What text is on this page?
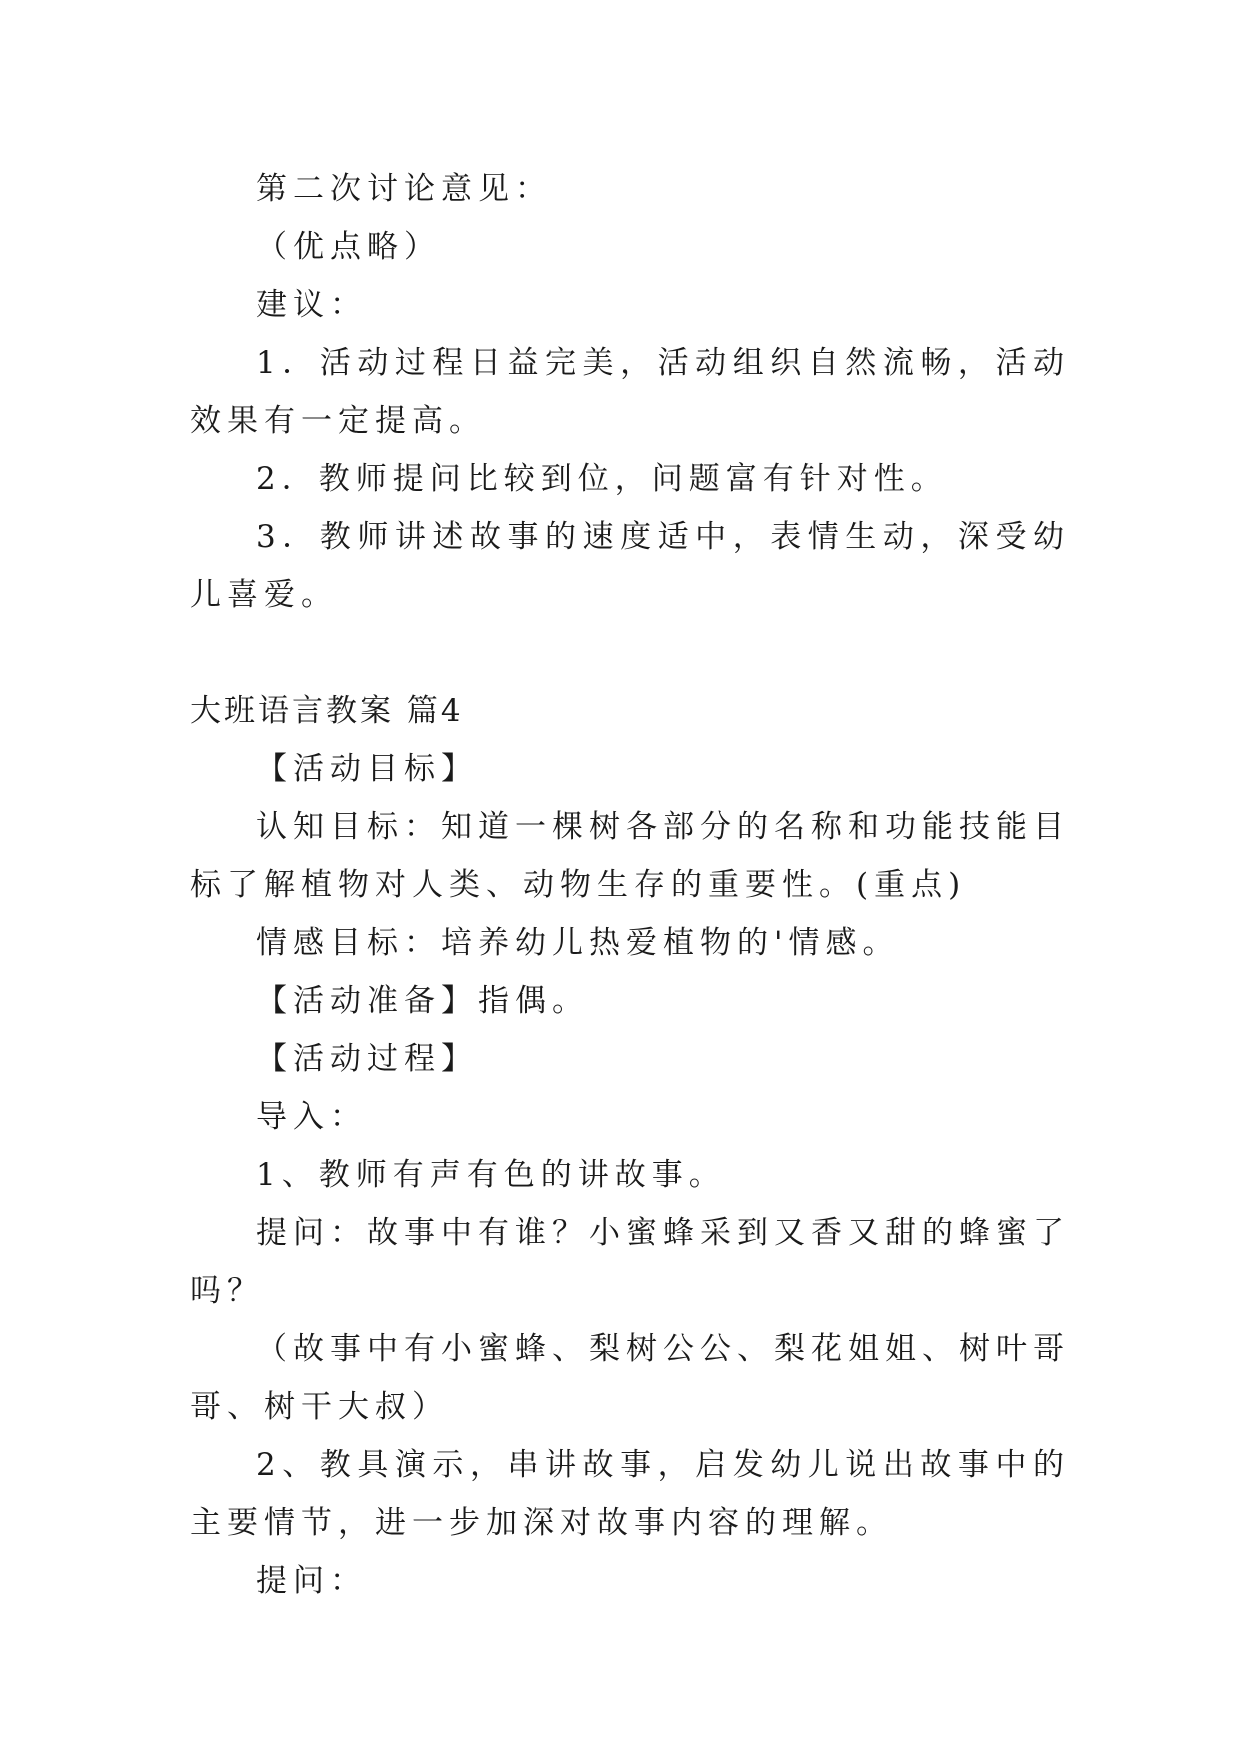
第二次讨论意见：

（优点略）

建议：

1．活动过程日益完美，活动组织自然流畅，活动效果有一定提高。

2．教师提问比较到位，问题富有针对性。

3．教师讲述故事的速度适中，表情生动，深受幼儿喜爱。

大班语言教案 篇4

【活动目标】

认知目标：知道一棵树各部分的名称和功能技能目标了解植物对人类、动物生存的重要性。(重点)

情感目标：培养幼儿热爱植物的'情感。

【活动准备】指偶。

【活动过程】

导入：

1、教师有声有色的讲故事。

提问：故事中有谁？小蜜蜂采到又香又甜的蜂蜜了吗？

（故事中有小蜜蜂、梨树公公、梨花姐姐、树叶哥哥、树干大叔）

2、教具演示，串讲故事，启发幼儿说出故事中的主要情节，进一步加深对故事内容的理解。

提问：
